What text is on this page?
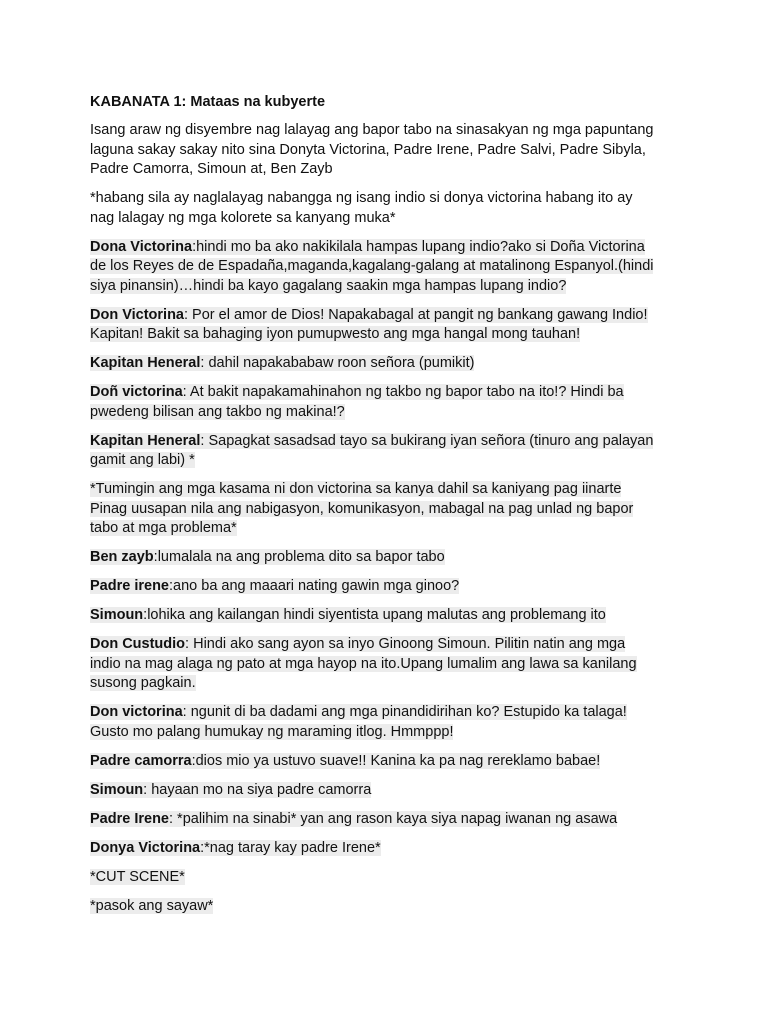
KABANATA 1: Mataas na kubyerte
Isang araw ng disyembre nag lalayag ang bapor tabo na sinasakyan ng mga papuntang
laguna sakay sakay nito sina Donyta Victorina, Padre Irene, Padre Salvi, Padre Sibyla,
Padre Camorra, Simoun at, Ben Zayb
*habang sila ay naglalayag nabangga ng isang indio si donya victorina habang ito ay
nag lalagay ng mga kolorete sa kanyang muka*
Dona Victorina:hindi mo ba ako nakikilala hampas lupang indio?ako si Doña Victorina
de los Reyes de de Espadaña,maganda,kagalang-galang at matalinong Espanyol.(hindi
siya pinansin)…hindi ba kayo gagalang saakin mga hampas lupang indio?
Don Victorina: Por el amor de Dios! Napakabagal at pangit ng bankang gawang Indio!
Kapitan! Bakit sa bahaging iyon pumupwesto ang mga hangal mong tauhan!
Kapitan Heneral: dahil napakababaw roon señora (pumikit)
Doñ victorina: At bakit napakamahinahon ng takbo ng bapor tabo na ito!? Hindi ba
pwedeng bilisan ang takbo ng makina!?
Kapitan Heneral: Sapagkat sasadsad tayo sa bukirang iyan señora (tinuro ang palayan
gamit ang labi) *
*Tumingin ang mga kasama ni don victorina sa kanya dahil sa kaniyang pag iinarte
Pinag uusapan nila ang nabigasyon, komunikasyon, mabagal na pag unlad ng bapor
tabo at mga problema*
Ben zayb:lumalala na ang problema dito sa bapor tabo
Padre irene:ano ba ang maaari nating gawin mga ginoo?
Simoun:lohika ang kailangan hindi siyentista upang malutas ang problemang ito
Don Custudio: Hindi ako sang ayon sa inyo Ginoong Simoun. Pilitin natin ang mga
indio na mag alaga ng pato at mga hayop na ito.Upang lumalim ang lawa sa kanilang
susong pagkain.
Don victorina: ngunit di ba dadami ang mga pinandidirihan ko? Estupido ka talaga!
Gusto mo palang humukay ng maraming itlog. Hmmppp!
Padre camorra:dios mio ya ustuvo suave!! Kanina ka pa nag rereklamo babae!
Simoun: hayaan mo na siya padre camorra
Padre Irene: *palihim na sinabi* yan ang rason kaya siya napag iwanan ng asawa
Donya Victorina:*nag taray kay padre Irene*
*CUT SCENE*
*pasok ang sayaw*
